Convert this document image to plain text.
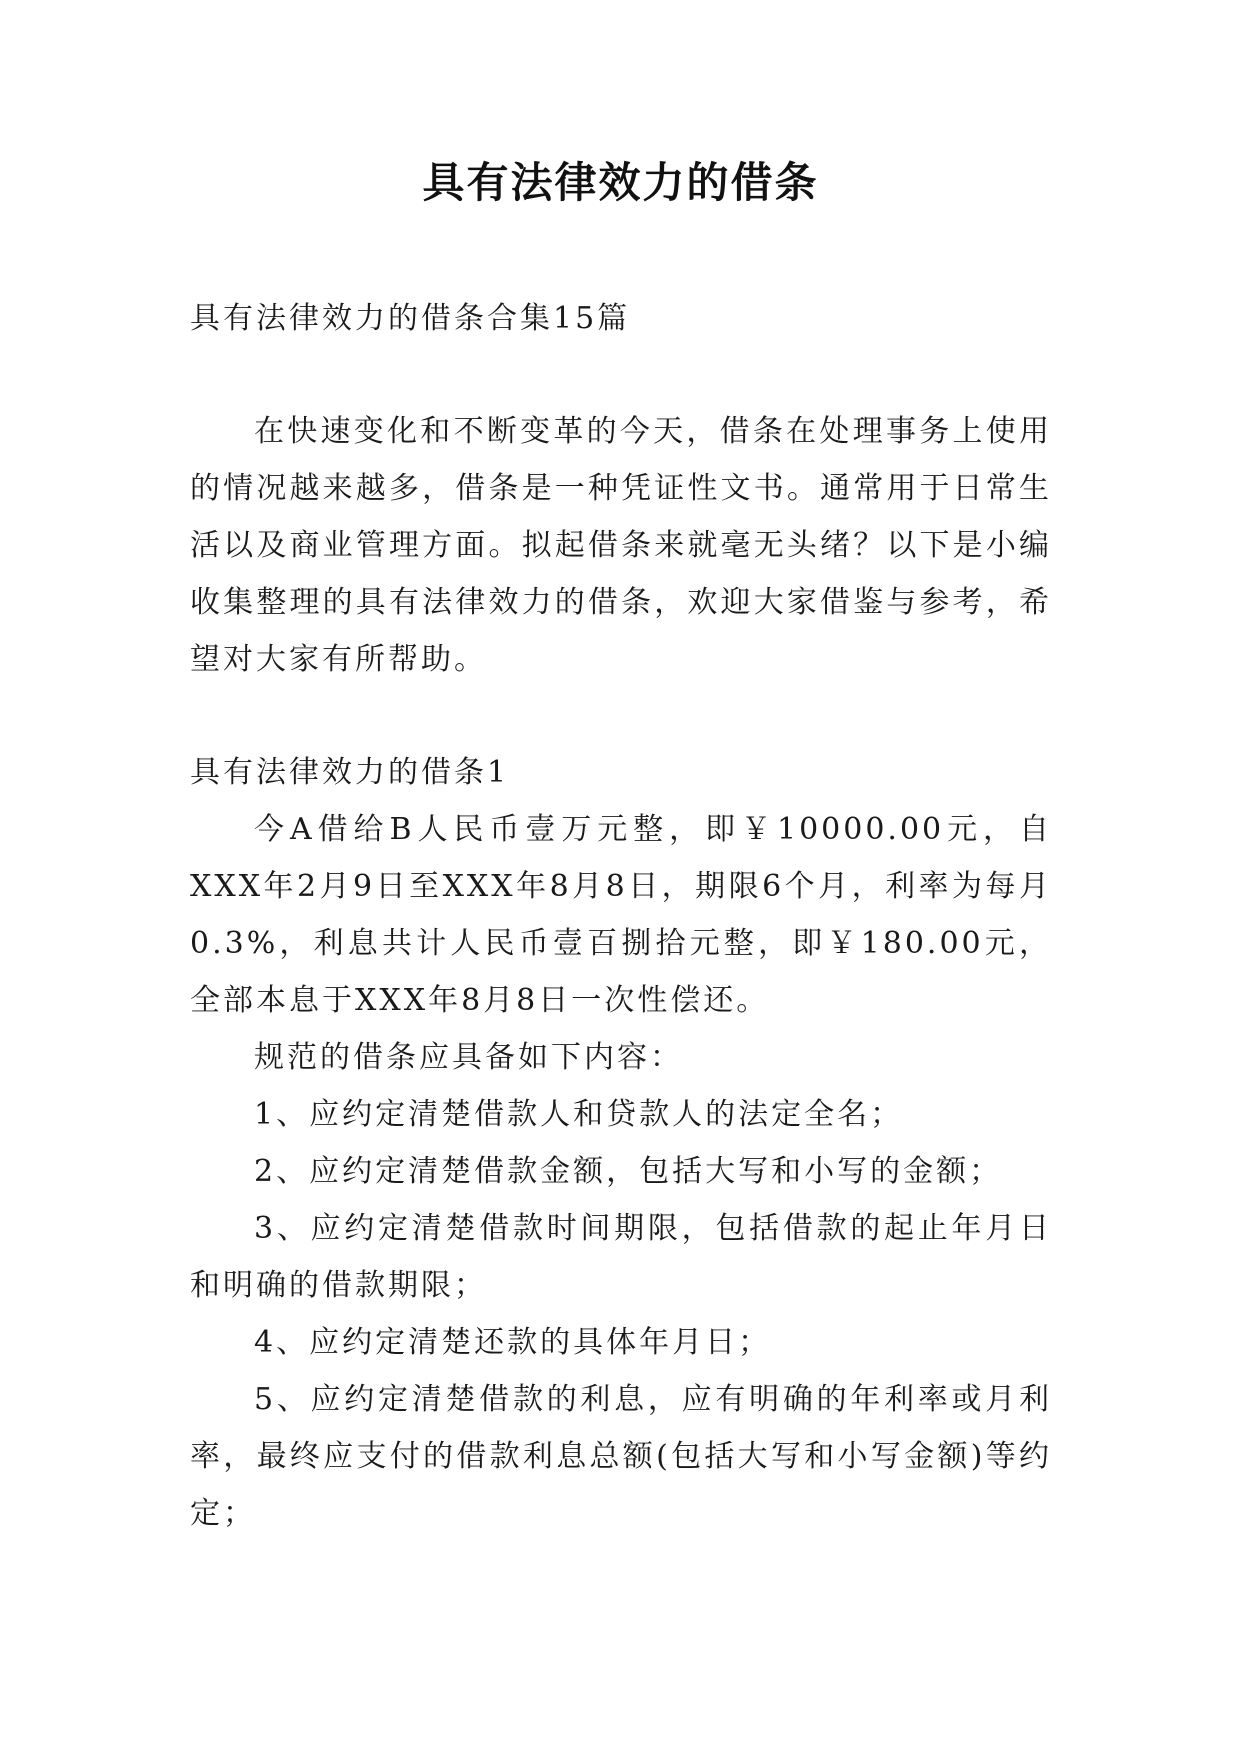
具有法律效力的借条

具有法律效力的借条合集15篇

在快速变化和不断变革的今天，借条在处理事务上使用的情况越来越多，借条是一种凭证性文书。通常用于日常生活以及商业管理方面。拟起借条来就毫无头绪？以下是小编收集整理的具有法律效力的借条，欢迎大家借鉴与参考，希望对大家有所帮助。

具有法律效力的借条1

今A借给B人民币壹万元整，即￥10000.00元，自XXX年2月9日至XXX年8月8日，期限6个月，利率为每月0.3%，利息共计人民币壹百捌拾元整，即￥180.00元，全部本息于XXX年8月8日一次性偿还。

规范的借条应具备如下内容：

1、应约定清楚借款人和贷款人的法定全名；

2、应约定清楚借款金额，包括大写和小写的金额；

3、应约定清楚借款时间期限，包括借款的起止年月日和明确的借款期限；

4、应约定清楚还款的具体年月日；

5、应约定清楚借款的利息，应有明确的年利率或月利率，最终应支付的借款利息总额(包括大写和小写金额)等约定；
